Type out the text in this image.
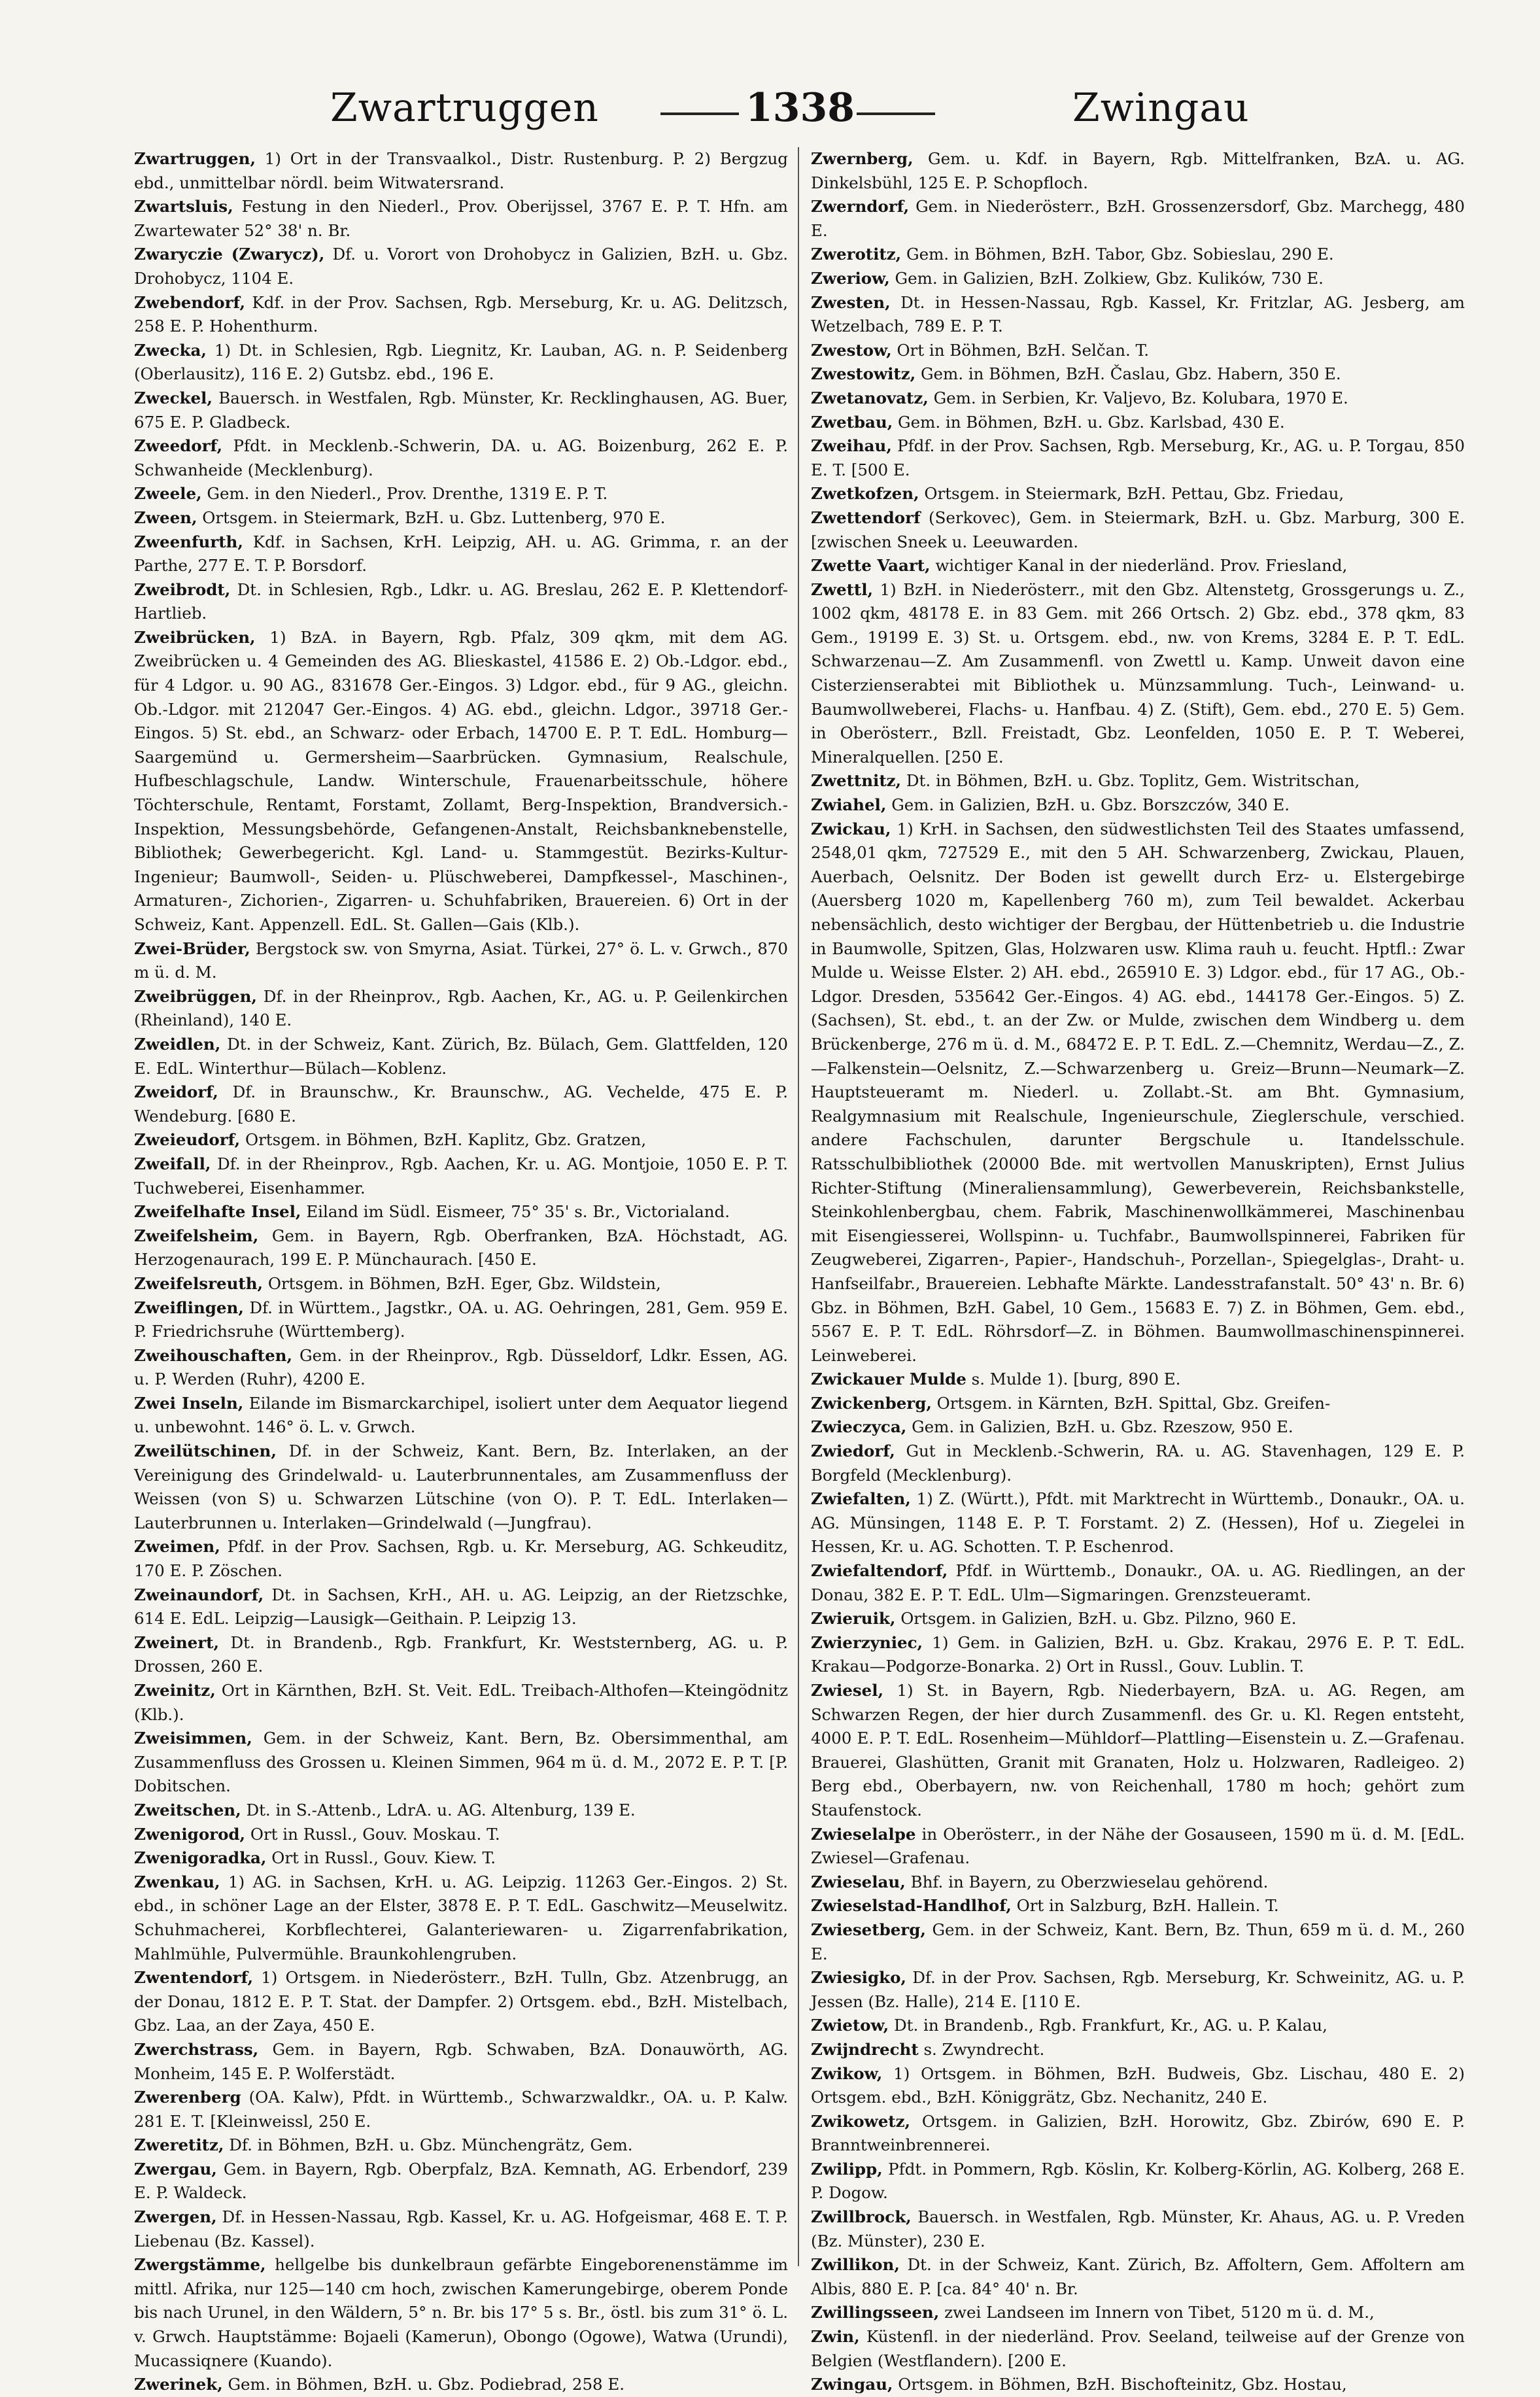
Zwartruggen	1338	Zwingau

Zwartruggen, 1) Ort in der Transvaalkol., Distr. Rustenburg. P. 2) Bergzug ebd., unmittelbar nördl. beim Witwatersrand.

Zwartsluis, Festung in den Niederl., Prov. Oberijssel, 3767 E. P. T. Hfn. am Zwartewater 52° 38' n. Br.

Zwaryczie (Zwarycz), Df. u. Vorort von Drohobycz in Galizien, BzH. u. Gbz. Drohobycz, 1104 E.

Zwebendorf, Kdf. in der Prov. Sachsen, Rgb. Merseburg, Kr. u. AG. Delitzsch, 258 E. P. Hohenthurm.

Zwecka, 1) Dt. in Schlesien, Rgb. Liegnitz, Kr. Lauban, AG. n. P. Seidenberg (Oberlausitz), 116 E. 2) Gutsbz. ebd., 196 E.

Zweckel, Bauersch. in Westfalen, Rgb. Münster, Kr. Recklinghausen, AG. Buer, 675 E. P. Gladbeck.

Zweedorf, Pfdt. in Mecklenb.-Schwerin, DA. u. AG. Boizenburg, 262 E. P. Schwanheide (Mecklenburg).

Zweele, Gem. in den Niederl., Prov. Drenthe, 1319 E. P. T.

Zween, Ortsgem. in Steiermark, BzH. u. Gbz. Luttenberg, 970 E.

Zweenfurth, Kdf. in Sachsen, KrH. Leipzig, AH. u. AG. Grimma, r. an der Parthe, 277 E. T. P. Borsdorf.

Zweibrodt, Dt. in Schlesien, Rgb., Ldkr. u. AG. Breslau, 262 E. P. Klettendorf-Hartlieb.

Zweibrücken, 1) BzA. in Bayern, Rgb. Pfalz, 309 qkm, mit dem AG. Zweibrücken u. 4 Gemeinden des AG. Blieskastel, 41586 E. 2) Ob.-Ldgor. ebd., für 4 Ldgor. u. 90 AG., 831678 Ger.-Eingos. 3) Ldgor. ebd., für 9 AG., gleichn. Ob.-Ldgor. mit 212047 Ger.-Eingos. 4) AG. ebd., gleichn. Ldgor., 39718 Ger.-Eingos. 5) St. ebd., an Schwarz- oder Erbach, 14700 E. P. T. EdL. Homburg—Saargemünd u. Germersheim—Saarbrücken. Gymnasium, Realschule, Hufbeschlagschule, Landw. Winterschule, Frauenarbeitsschule, höhere Töchterschule, Rentamt, Forstamt, Zollamt, Berg-Inspektion, Brandversich.-Inspektion, Messungsbehörde, Gefangenen-Anstalt, Reichsbanknebenstelle, Bibliothek; Gewerbegericht. Kgl. Land- u. Stammgestüt. Bezirks-Kultur-Ingenieur; Baumwoll-, Seiden- u. Plüschweberei, Dampfkessel-, Maschinen-, Armaturen-, Zichorien-, Zigarren- u. Schuhfabriken, Brauereien. 6) Ort in der Schweiz, Kant. Appenzell. EdL. St. Gallen—Gais (Klb.).

Zwei-Brüder, Bergstock sw. von Smyrna, Asiat. Türkei, 27° ö. L. v. Grwch., 870 m ü. d. M.

Zweibrüggen, Df. in der Rheinprov., Rgb. Aachen, Kr., AG. u. P. Geilenkirchen (Rheinland), 140 E.

Zweidlen, Dt. in der Schweiz, Kant. Zürich, Bz. Bülach, Gem. Glattfelden, 120 E. EdL. Winterthur—Bülach—Koblenz.

Zweidorf, Df. in Braunschw., Kr. Braunschw., AG. Vechelde, 475 E. P. Wendeburg. [680 E.

Zweieudorf, Ortsgem. in Böhmen, BzH. Kaplitz, Gbz. Gratzen,

Zweifall, Df. in der Rheinprov., Rgb. Aachen, Kr. u. AG. Montjoie, 1050 E. P. T. Tuchweberei, Eisenhammer.

Zweifelhafte Insel, Eiland im Südl. Eismeer, 75° 35' s. Br., Victorialand.

Zweifelsheim, Gem. in Bayern, Rgb. Oberfranken, BzA. Höchstadt, AG. Herzogenaurach, 199 E. P. Münchaurach. [450 E.

Zweifelsreuth, Ortsgem. in Böhmen, BzH. Eger, Gbz. Wildstein,

Zweiflingen, Df. in Württem., Jagstkr., OA. u. AG. Oehringen, 281, Gem. 959 E. P. Friedrichsruhe (Württemberg).

Zweihouschaften, Gem. in der Rheinprov., Rgb. Düsseldorf, Ldkr. Essen, AG. u. P. Werden (Ruhr), 4200 E.

Zwei Inseln, Eilande im Bismarckarchipel, isoliert unter dem Aequator liegend u. unbewohnt. 146° ö. L. v. Grwch.

Zweilütschinen, Df. in der Schweiz, Kant. Bern, Bz. Interlaken, an der Vereinigung des Grindelwald- u. Lauterbrunnentales, am Zusammenfluss der Weissen (von S) u. Schwarzen Lütschine (von O). P. T. EdL. Interlaken—Lauterbrunnen u. Interlaken—Grindelwald (—Jungfrau).

Zweimen, Pfdf. in der Prov. Sachsen, Rgb. u. Kr. Merseburg, AG. Schkeuditz, 170 E. P. Zöschen.

Zweinaundorf, Dt. in Sachsen, KrH., AH. u. AG. Leipzig, an der Rietzschke, 614 E. EdL. Leipzig—Lausigk—Geithain. P. Leipzig 13.

Zweinert, Dt. in Brandenb., Rgb. Frankfurt, Kr. Weststernberg, AG. u. P. Drossen, 260 E.

Zweinitz, Ort in Kärnthen, BzH. St. Veit. EdL. Treibach-Althofen—Kteingödnitz (Klb.).

Zweisimmen, Gem. in der Schweiz, Kant. Bern, Bz. Obersimmenthal, am Zusammenfluss des Grossen u. Kleinen Simmen, 964 m ü. d. M., 2072 E. P. T. [P. Dobitschen.

Zweitschen, Dt. in S.-Attenb., LdrA. u. AG. Altenburg, 139 E.

Zwenigorod, Ort in Russl., Gouv. Moskau. T.

Zwenigoradka, Ort in Russl., Gouv. Kiew. T.

Zwenkau, 1) AG. in Sachsen, KrH. u. AG. Leipzig. 11263 Ger.-Eingos. 2) St. ebd., in schöner Lage an der Elster, 3878 E. P. T. EdL. Gaschwitz—Meuselwitz. Schuhmacherei, Korbflechterei, Galanteriewaren- u. Zigarrenfabrikation, Mahlmühle, Pulvermühle. Braunkohlengruben.

Zwentendorf, 1) Ortsgem. in Niederösterr., BzH. Tulln, Gbz. Atzenbrugg, an der Donau, 1812 E. P. T. Stat. der Dampfer. 2) Ortsgem. ebd., BzH. Mistelbach, Gbz. Laa, an der Zaya, 450 E.

Zwerchstrass, Gem. in Bayern, Rgb. Schwaben, BzA. Donauwörth, AG. Monheim, 145 E. P. Wolferstädt.

Zwerenberg (OA. Kalw), Pfdt. in Württemb., Schwarzwaldkr., OA. u. P. Kalw. 281 E. T. [Kleinweissl, 250 E.

Zweretitz, Df. in Böhmen, BzH. u. Gbz. Münchengrätz, Gem.

Zwergau, Gem. in Bayern, Rgb. Oberpfalz, BzA. Kemnath, AG. Erbendorf, 239 E. P. Waldeck.

Zwergen, Df. in Hessen-Nassau, Rgb. Kassel, Kr. u. AG. Hofgeismar, 468 E. T. P. Liebenau (Bz. Kassel).

Zwergstämme, hellgelbe bis dunkelbraun gefärbte Eingeborenenstämme im mittl. Afrika, nur 125—140 cm hoch, zwischen Kamerungebirge, oberem Ponde bis nach Urunel, in den Wäldern, 5° n. Br. bis 17° 5 s. Br., östl. bis zum 31° ö. L. v. Grwch. Hauptstämme: Bojaeli (Kamerun), Obongo (Ogowe), Watwa (Urundi), Mucassiqnere (Kuando).

Zwerinek, Gem. in Böhmen, BzH. u. Gbz. Podiebrad, 258 E.

Zwernberg, Gem. u. Kdf. in Bayern, Rgb. Mittelfranken, BzA. u. AG. Dinkelsbühl, 125 E. P. Schopfloch.

Zwerndorf, Gem. in Niederösterr., BzH. Grossenzersdorf, Gbz. Marchegg, 480 E.

Zwerotitz, Gem. in Böhmen, BzH. Tabor, Gbz. Sobieslau, 290 E.

Zweriow, Gem. in Galizien, BzH. Zolkiew, Gbz. Kulików, 730 E.

Zwesten, Dt. in Hessen-Nassau, Rgb. Kassel, Kr. Fritzlar, AG. Jesberg, am Wetzelbach, 789 E. P. T.

Zwestow, Ort in Böhmen, BzH. Selčan. T.

Zwestowitz, Gem. in Böhmen, BzH. Časlau, Gbz. Habern, 350 E.

Zwetanovatz, Gem. in Serbien, Kr. Valjevo, Bz. Kolubara, 1970 E.

Zwetbau, Gem. in Böhmen, BzH. u. Gbz. Karlsbad, 430 E.

Zweihau, Pfdf. in der Prov. Sachsen, Rgb. Merseburg, Kr., AG. u. P. Torgau, 850 E. T. [500 E.

Zwetkofzen, Ortsgem. in Steiermark, BzH. Pettau, Gbz. Friedau,

Zwettendorf (Serkovec), Gem. in Steiermark, BzH. u. Gbz. Marburg, 300 E. [zwischen Sneek u. Leeuwarden.

Zwette Vaart, wichtiger Kanal in der niederländ. Prov. Friesland,

Zwettl, 1) BzH. in Niederösterr., mit den Gbz. Altenstetg, Grossgerungs u. Z., 1002 qkm, 48178 E. in 83 Gem. mit 266 Ortsch. 2) Gbz. ebd., 378 qkm, 83 Gem., 19199 E. 3) St. u. Ortsgem. ebd., nw. von Krems, 3284 E. P. T. EdL. Schwarzenau—Z. Am Zusammenfl. von Zwettl u. Kamp. Unweit davon eine Cisterzienserabtei mit Bibliothek u. Münzsammlung. Tuch-, Leinwand- u. Baumwollweberei, Flachs- u. Hanfbau. 4) Z. (Stift), Gem. ebd., 270 E. 5) Gem. in Oberösterr., Bzll. Freistadt, Gbz. Leonfelden, 1050 E. P. T. Weberei, Mineralquellen. [250 E.

Zwettnitz, Dt. in Böhmen, BzH. u. Gbz. Toplitz, Gem. Wistritschan,

Zwiahel, Gem. in Galizien, BzH. u. Gbz. Borszczów, 340 E.

Zwickau, 1) KrH. in Sachsen, den südwestlichsten Teil des Staates umfassend, 2548,01 qkm, 727529 E., mit den 5 AH. Schwarzenberg, Zwickau, Plauen, Auerbach, Oelsnitz. Der Boden ist gewellt durch Erz- u. Elstergebirge (Auersberg 1020 m, Kapellenberg 760 m), zum Teil bewaldet. Ackerbau nebensächlich, desto wichtiger der Bergbau, der Hüttenbetrieb u. die Industrie in Baumwolle, Spitzen, Glas, Holzwaren usw. Klima rauh u. feucht. Hptfl.: Zwar Mulde u. Weisse Elster. 2) AH. ebd., 265910 E. 3) Ldgor. ebd., für 17 AG., Ob.-Ldgor. Dresden, 535642 Ger.-Eingos. 4) AG. ebd., 144178 Ger.-Eingos. 5) Z. (Sachsen), St. ebd., t. an der Zw. or Mulde, zwischen dem Windberg u. dem Brückenberge, 276 m ü. d. M., 68472 E. P. T. EdL. Z.—Chemnitz, Werdau—Z., Z.—Falkenstein—Oelsnitz, Z.—Schwarzenberg u. Greiz—Brunn—Neumark—Z. Hauptsteueramt m. Niederl. u. Zollabt.-St. am Bht. Gymnasium, Realgymnasium mit Realschule, Ingenieurschule, Zieglerschule, verschied. andere Fachschulen, darunter Bergschule u. Itandelsschule. Ratsschulbibliothek (20000 Bde. mit wertvollen Manuskripten), Ernst Julius Richter-Stiftung (Mineraliensammlung), Gewerbeverein, Reichsbankstelle, Steinkohlenbergbau, chem. Fabrik, Maschinenwollkämmerei, Maschinenbau mit Eisengiesserei, Wollspinn- u. Tuchfabr., Baumwollspinnerei, Fabriken für Zeugweberei, Zigarren-, Papier-, Handschuh-, Porzellan-, Spiegelglas-, Draht- u. Hanfseilfabr., Brauereien. Lebhafte Märkte. Landesstrafanstalt. 50° 43' n. Br. 6) Gbz. in Böhmen, BzH. Gabel, 10 Gem., 15683 E. 7) Z. in Böhmen, Gem. ebd., 5567 E. P. T. EdL. Röhrsdorf—Z. in Böhmen. Baumwollmaschinenspinnerei. Leinweberei.

Zwickauer Mulde s. Mulde 1). [burg, 890 E.

Zwickenberg, Ortsgem. in Kärnten, BzH. Spittal, Gbz. Greifen-

Zwieczyca, Gem. in Galizien, BzH. u. Gbz. Rzeszow, 950 E.

Zwiedorf, Gut in Mecklenb.-Schwerin, RA. u. AG. Stavenhagen, 129 E. P. Borgfeld (Mecklenburg).

Zwiefalten, 1) Z. (Württ.), Pfdt. mit Marktrecht in Württemb., Donaukr., OA. u. AG. Münsingen, 1148 E. P. T. Forstamt. 2) Z. (Hessen), Hof u. Ziegelei in Hessen, Kr. u. AG. Schotten. T. P. Eschenrod.

Zwiefaltendorf, Pfdf. in Württemb., Donaukr., OA. u. AG. Riedlingen, an der Donau, 382 E. P. T. EdL. Ulm—Sigmaringen. Grenzsteueramt.

Zwieruik, Ortsgem. in Galizien, BzH. u. Gbz. Pilzno, 960 E.

Zwierzyniec, 1) Gem. in Galizien, BzH. u. Gbz. Krakau, 2976 E. P. T. EdL. Krakau—Podgorze-Bonarka. 2) Ort in Russl., Gouv. Lublin. T.

Zwiesel, 1) St. in Bayern, Rgb. Niederbayern, BzA. u. AG. Regen, am Schwarzen Regen, der hier durch Zusammenfl. des Gr. u. Kl. Regen entsteht, 4000 E. P. T. EdL. Rosenheim—Mühldorf—Plattling—Eisenstein u. Z.—Grafenau. Brauerei, Glashütten, Granit mit Granaten, Holz u. Holzwaren, Radleigeo. 2) Berg ebd., Oberbayern, nw. von Reichenhall, 1780 m hoch; gehört zum Staufenstock.

Zwieselalpe in Oberösterr., in der Nähe der Gosauseen, 1590 m ü. d. M. [EdL. Zwiesel—Grafenau.

Zwieselau, Bhf. in Bayern, zu Oberzwieselau gehörend.

Zwieselstad-Handlhof, Ort in Salzburg, BzH. Hallein. T.

Zwiesetberg, Gem. in der Schweiz, Kant. Bern, Bz. Thun, 659 m ü. d. M., 260 E.

Zwiesigko, Df. in der Prov. Sachsen, Rgb. Merseburg, Kr. Schweinitz, AG. u. P. Jessen (Bz. Halle), 214 E. [110 E.

Zwietow, Dt. in Brandenb., Rgb. Frankfurt, Kr., AG. u. P. Kalau,

Zwijndrecht s. Zwyndrecht.

Zwikow, 1) Ortsgem. in Böhmen, BzH. Budweis, Gbz. Lischau, 480 E. 2) Ortsgem. ebd., BzH. Königgrätz, Gbz. Nechanitz, 240 E.

Zwikowetz, Ortsgem. in Galizien, BzH. Horowitz, Gbz. Zbirów, 690 E. P. Branntweinbrennerei.

Zwilipp, Pfdt. in Pommern, Rgb. Köslin, Kr. Kolberg-Körlin, AG. Kolberg, 268 E. P. Dogow.

Zwillbrock, Bauersch. in Westfalen, Rgb. Münster, Kr. Ahaus, AG. u. P. Vreden (Bz. Münster), 230 E.

Zwillikon, Dt. in der Schweiz, Kant. Zürich, Bz. Affoltern, Gem. Affoltern am Albis, 880 E. P. [ca. 84° 40' n. Br.

Zwillingsseen, zwei Landseen im Innern von Tibet, 5120 m ü. d. M.,

Zwin, Küstenfl. in der niederländ. Prov. Seeland, teilweise auf der Grenze von Belgien (Westflandern). [200 E.

Zwingau, Ortsgem. in Böhmen, BzH. Bischofteinitz, Gbz. Hostau,
